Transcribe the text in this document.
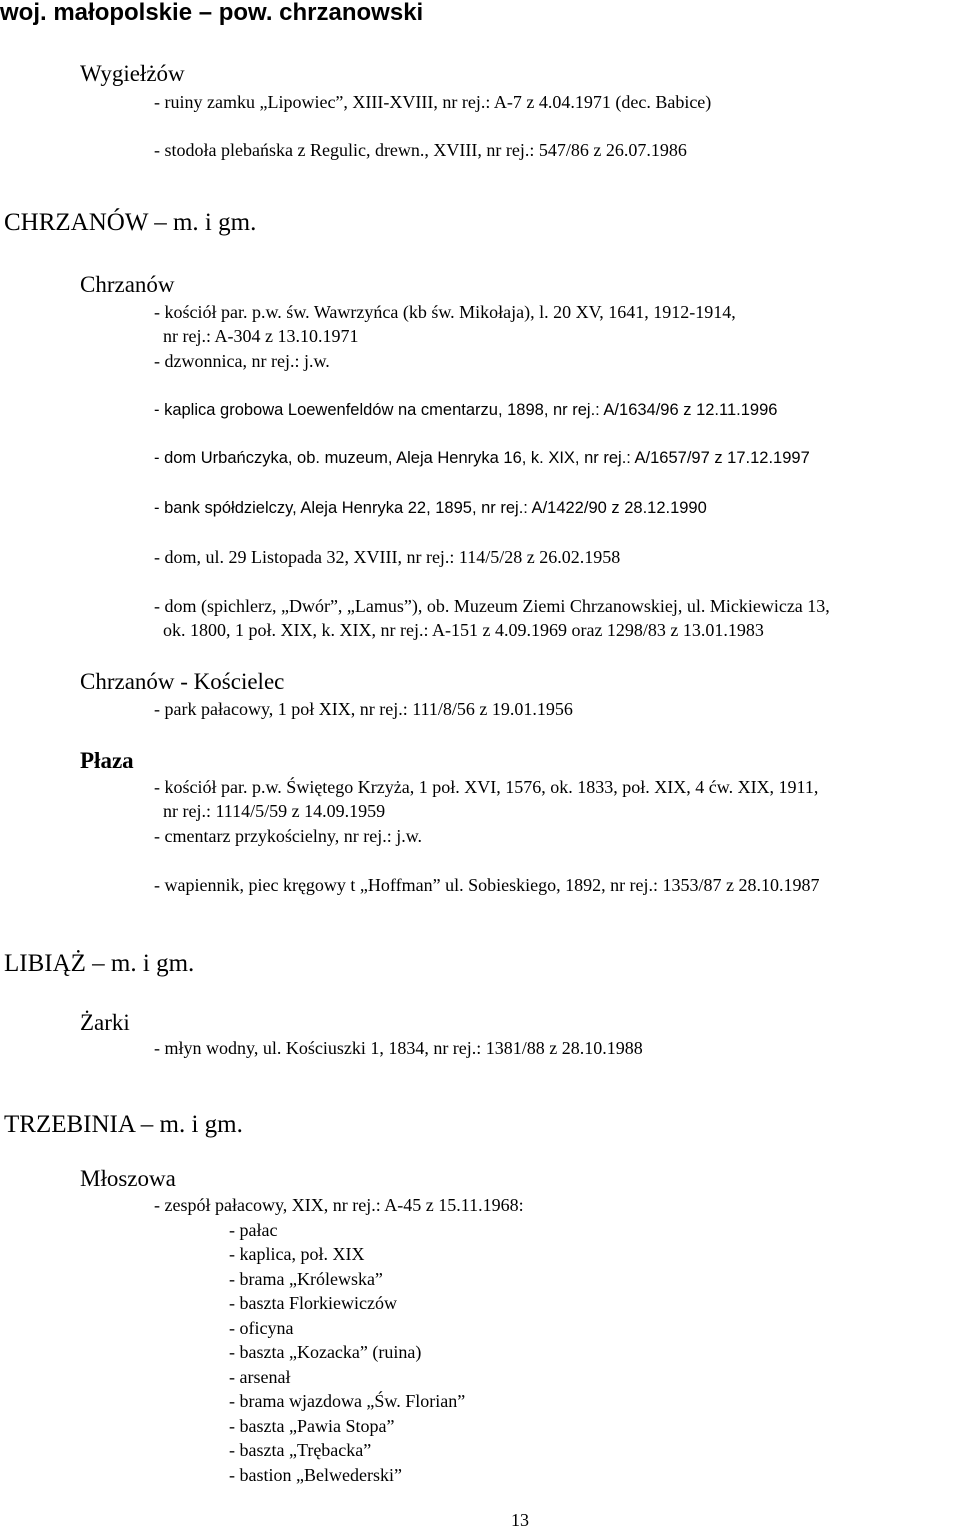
woj. małopolskie – pow. chrzanowski
Wygiełżów
- ruiny zamku „Lipowiec”, XIII-XVIII, nr rej.: A-7 z 4.04.1971 (dec. Babice)
- stodoła plebańska z Regulic, drewn., XVIII, nr rej.: 547/86 z 26.07.1986
CHRZANÓW – m. i gm.
Chrzanów
- kościół par. p.w. św. Wawrzyńca (kb św. Mikołaja), l. 20 XV, 1641, 1912-1914,
nr rej.: A-304 z 13.10.1971
- dzwonnica, nr rej.: j.w.
- kaplica grobowa Loewenfeldów na cmentarzu, 1898, nr rej.: A/1634/96 z 12.11.1996
- dom Urbańczyka, ob. muzeum, Aleja Henryka 16, k. XIX, nr rej.: A/1657/97 z 17.12.1997
- bank spółdzielczy, Aleja Henryka 22, 1895, nr rej.: A/1422/90 z 28.12.1990
- dom, ul. 29 Listopada 32, XVIII, nr rej.: 114/5/28 z 26.02.1958
- dom (spichlerz, „Dwór”, „Lamus”), ob. Muzeum Ziemi Chrzanowskiej, ul. Mickiewicza 13,
ok. 1800, 1 poł. XIX, k. XIX, nr rej.: A-151 z 4.09.1969 oraz 1298/83 z 13.01.1983
Chrzanów - Kościelec
- park pałacowy, 1 poł XIX, nr rej.: 111/8/56 z 19.01.1956
Płaza
- kościół par. p.w. Świętego Krzyża, 1 poł. XVI, 1576, ok. 1833, poł. XIX, 4 ćw. XIX, 1911,
nr rej.: 1114/5/59 z 14.09.1959
- cmentarz przykościelny, nr rej.: j.w.
- wapiennik, piec kręgowy t „Hoffman” ul. Sobieskiego, 1892, nr rej.: 1353/87 z 28.10.1987
LIBIĄŻ – m. i gm.
Żarki
- młyn wodny, ul. Kościuszki 1, 1834, nr rej.: 1381/88 z 28.10.1988
TRZEBINIA – m. i gm.
Młoszowa
- zespół pałacowy, XIX, nr rej.: A-45 z 15.11.1968:
- pałac
- kaplica, poł. XIX
- brama „Królewska”
- baszta Florkiewiczów
- oficyna
- baszta „Kozacka” (ruina)
- arsenał
- brama wjazdowa „Św. Florian”
- baszta „Pawia Stopa”
- baszta „Trębacka”
- bastion „Belwederski”
13
